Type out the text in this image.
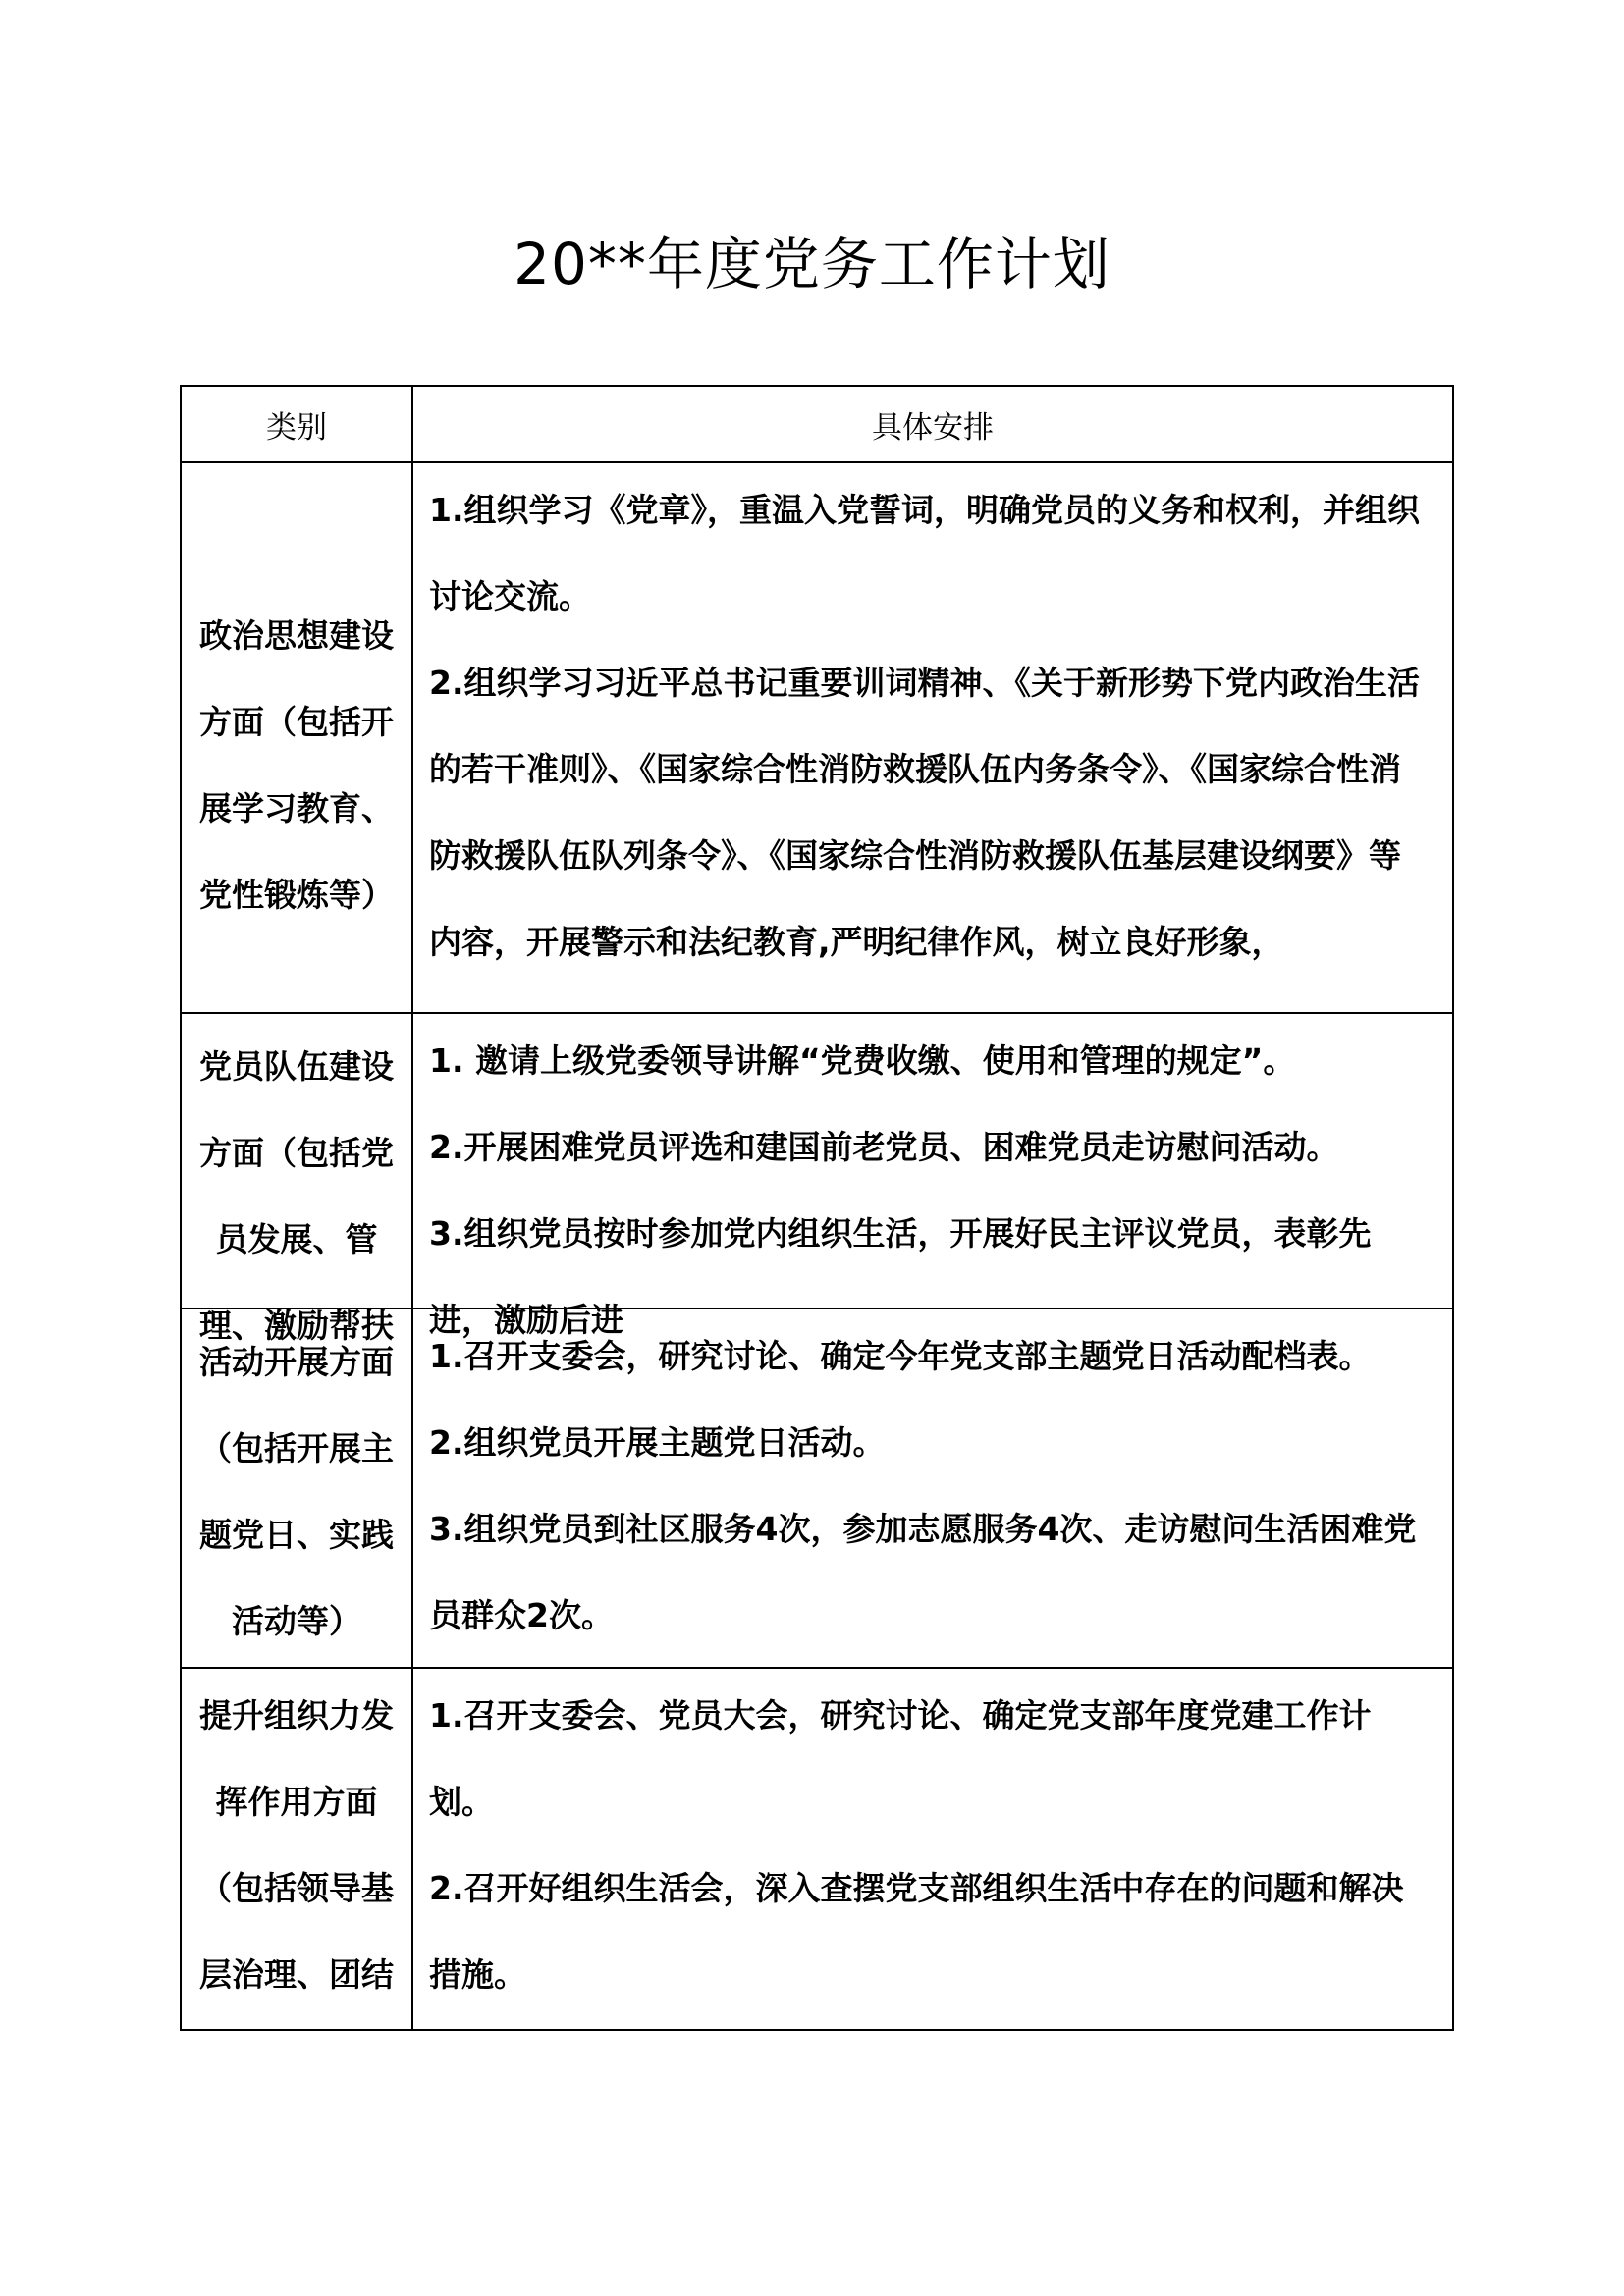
20**年度党务工作计划
类别	具体安排

政治思想建设方面（包括开展学习教育、党性锻炼等）	1.组织学习《党章》，重温入党誓词，明确党员的义务和权利，并组织讨论交流。

2.组织学习习近平总书记重要训词精神、《关于新形势下党内政治生活的若干准则》、《国家综合性消防救援队伍内务条令》、《国家综合性消防救援队伍队列条令》、《国家综合性消防救援队伍基层建设纲要》等内容，开展警示和法纪教育,严明纪律作风，树立良好形象，

党员队伍建设方面（包括党员发展、管理、激励帮扶	1. 邀请上级党委领导讲解“党费收缴、使用和管理的规定”。

2.开展困难党员评选和建国前老党员、困难党员走访慰问活动。

3.组织党员按时参加党内组织生活，开展好民主评议党员，表彰先进，激励后进

活动开展方面（包括开展主题党日、实践活动等）	1.召开支委会，研究讨论、确定今年党支部主题党日活动配档表。

2.组织党员开展主题党日活动。

3.组织党员到社区服务4次，参加志愿服务4次、走访慰问生活困难党员群众2次。

提升组织力发挥作用方面（包括领导基层治理、团结	1.召开支委会、党员大会，研究讨论、确定党支部年度党建工作计划。

2.召开好组织生活会，深入查摆党支部组织生活中存在的问题和解决措施。
